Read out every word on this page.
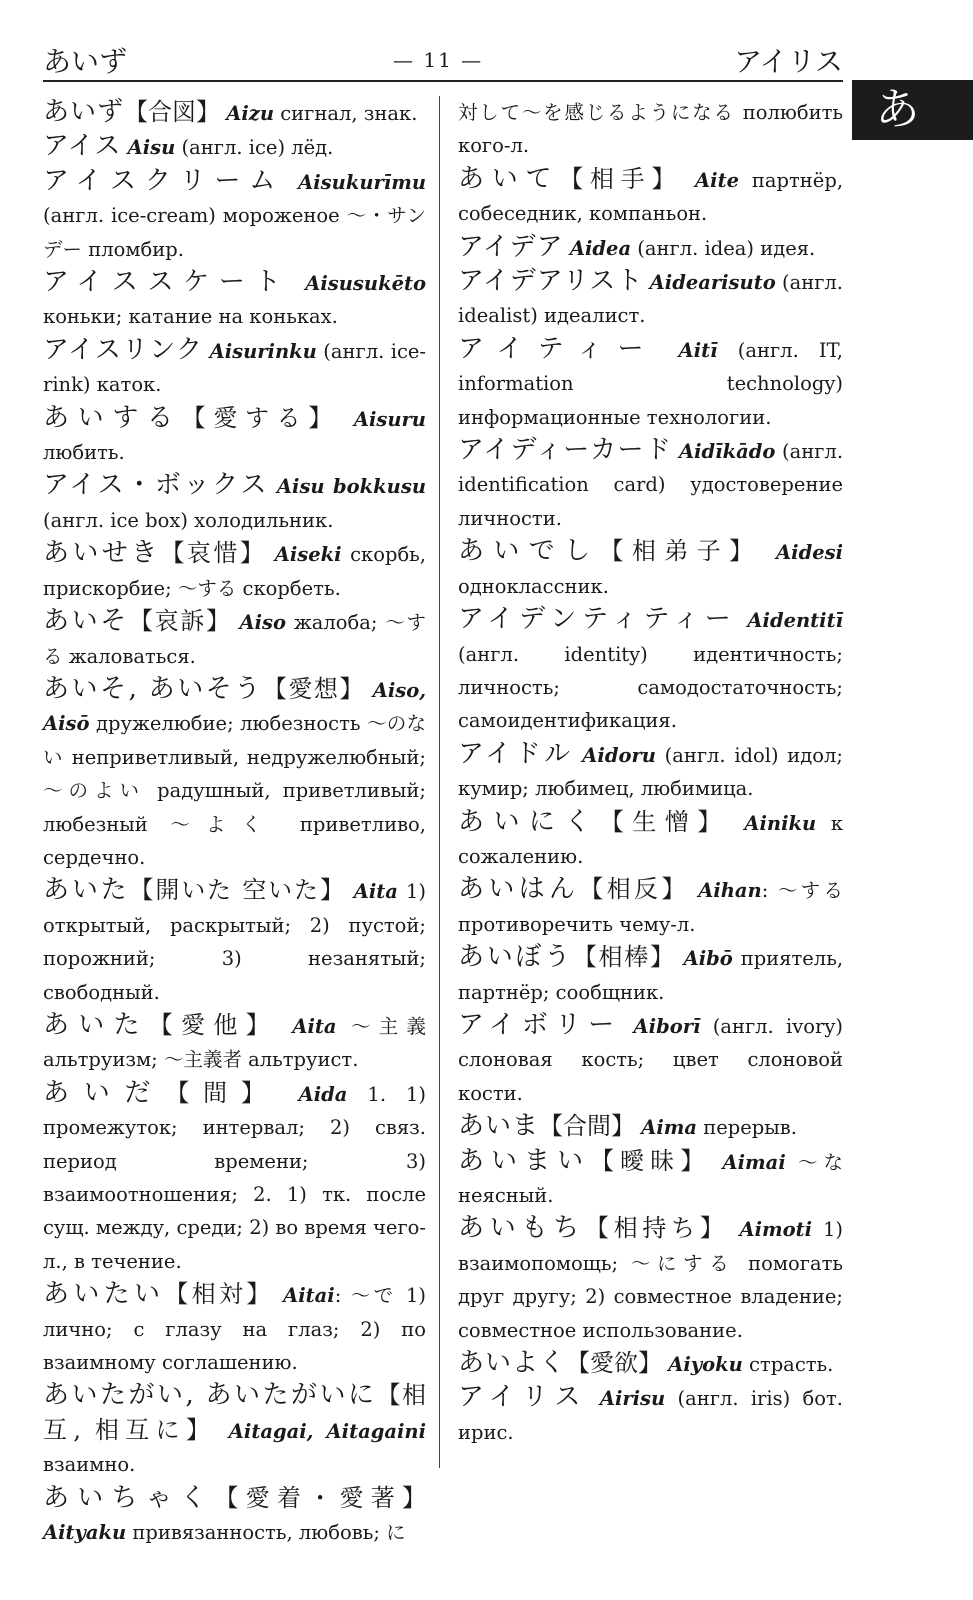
あいず	— 11 —	アイリス
あ

あいず【合図】 Aizu сигнал, знак.

アイス Aisu (англ. ice) лёд.

アイスクリーム Aisukurīmu (англ. ice-cream) мороженое ～・サンデー пломбир.

アイススケート Aisusukēto коньки; катание на коньках.

アイスリンク Aisurinku (англ. ice-rink) каток.

あいする【愛する】 Aisuru любить.

アイス・ボックス Aisu bokkusu (англ. ice box) холодильник.

あいせき【哀惜】 Aiseki скорбь, прискорбие; ～する скорбеть.

あいそ【哀訴】 Aiso жалоба; ～する жаловаться.

あいそ, あいそう【愛想】 Aiso, Aisō дружелюбие; любезность ～のない неприветливый, недружелюбный; ～のよい радушный, приветливый; любезный ～よく приветливо, сердечно.

あいた【開いた 空いた】 Aita 1) открытый, раскрытый; 2) пустой; порожний; 3) незанятый; свободный.

あいた【愛他】 Aita ～主義 альтруизм; ～主義者 альтруист.

あいだ【間】 Aida 1. 1) промежуток; интервал; 2) связ. период времени; 3) взаимоотношения; 2. 1) тк. после сущ. между, среди; 2) во время чего-л., в течение.

あいたい【相対】 Aitai: ～で 1) лично; с глазу на глаз; 2) по взаимному соглашению.

あいたがい, あいたがいに【相互, 相互に】 Aitagai, Aitagaini взаимно.

あいちゃく【愛着・愛著】 Aityaku привязанность, любовь; に

対して～を感じるようになる полюбить кого-л.

あいて【相手】 Aite партнёр, собеседник, компаньон.

アイデア Aidea (англ. idea) идея.

アイデアリスト Aidearisuto (англ. idealist) идеалист.

アイティー Aitī (англ. IT, information technology) информационные технологии.

アイディーカード Aidīkādo (англ. identification card) удостоверение личности.

あいでし【相弟子】 Aidesi одноклассник.

アイデンティティー Aidentitī (англ. identity) идентичность; личность; самодостаточность; самоидентификация.

アイドル Aidoru (англ. idol) идол; кумир; любимец, любимица.

あいにく【生憎】 Ainiku к сожалению.

あいはん【相反】 Aihan: ～する противоречить чему-л.

あいぼう【相棒】 Aibō приятель, партнёр; сообщник.

アイボリー Aiborī (англ. ivory) слоновая кость; цвет слоновой кости.

あいま【合間】 Aima перерыв.

あいまい【曖昧】 Aimai ～な неясный.

あいもち【相持ち】 Aimoti 1) взаимопомощь; ～にする помогать друг другу; 2) совместное владение; совместное использование.

あいよく【愛欲】 Aiyoku страсть.

アイリス Airisu (англ. iris) бот. ирис.
